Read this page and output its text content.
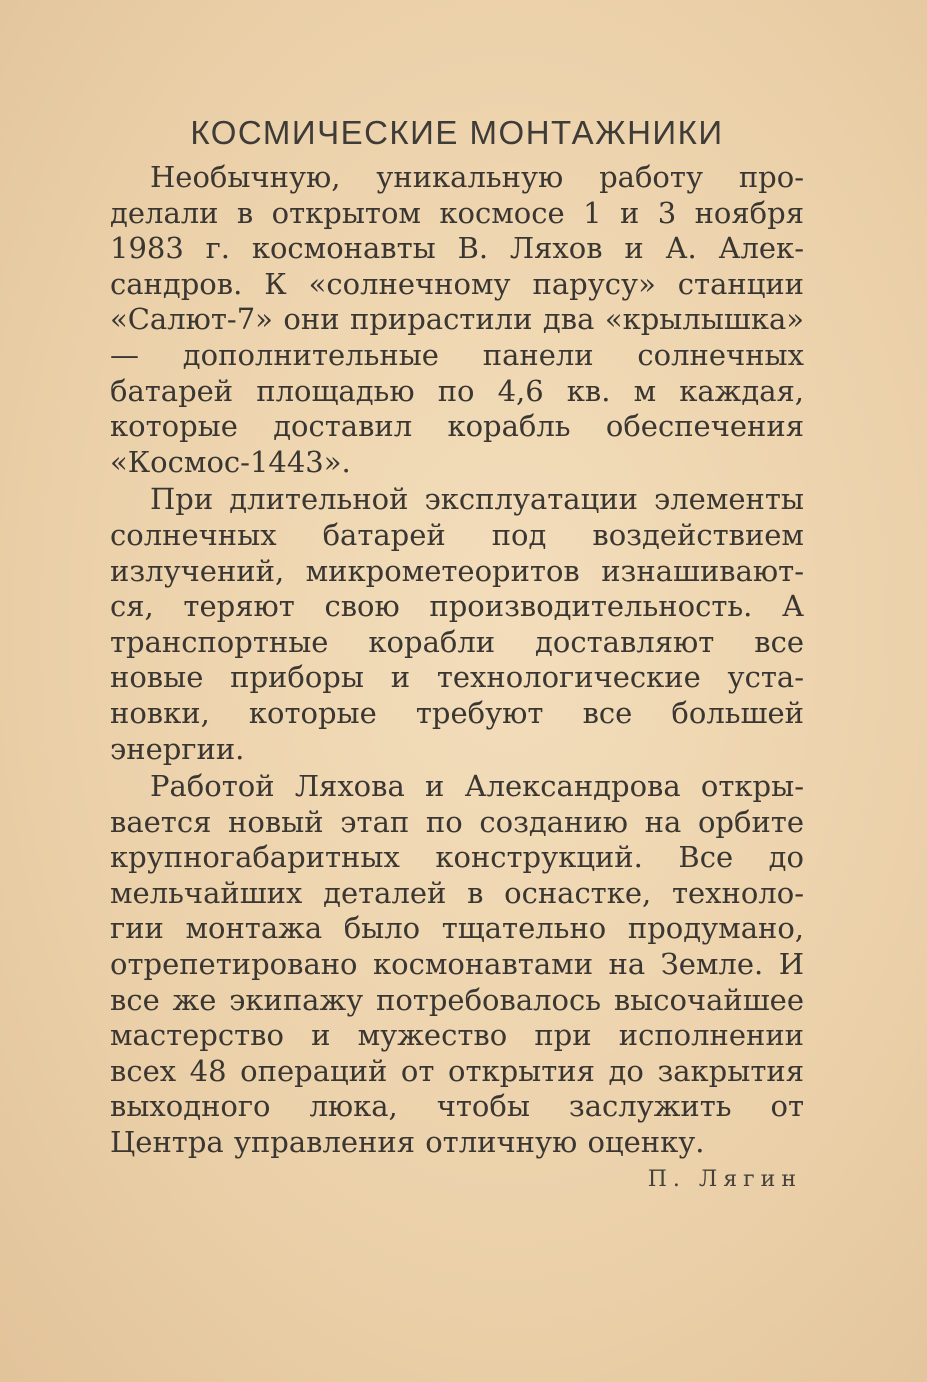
КОСМИЧЕСКИЕ МОНТАЖНИКИ

Необычную, уникальную работу проделали в открытом космосе 1 и 3 ноября 1983 г. космонавты В. Ляхов и А. Александров. К «солнечному парусу» станции «Салют-7» они прирастили два «крылышка» — дополнительные панели солнечных батарей площадью по 4,6 кв. м каждая, которые доставил корабль обеспечения «Космос-1443».

При длительной эксплуатации элементы солнечных батарей под воздействием излучений, микрометеоритов изнашиваются, теряют свою производительность. А транспортные корабли доставляют все новые приборы и технологические установки, которые требуют все большей энергии.

Работой Ляхова и Александрова открывается новый этап по созданию на орбите крупногабаритных конструкций. Все до мельчайших деталей в оснастке, технологии монтажа было тщательно продумано, отрепетировано космонавтами на Земле. И все же экипажу потребовалось высочайшее мастерство и мужество при исполнении всех 48 операций от открытия до закрытия выходного люка, чтобы заслужить от Центра управления отличную оценку.

П. Лягин
